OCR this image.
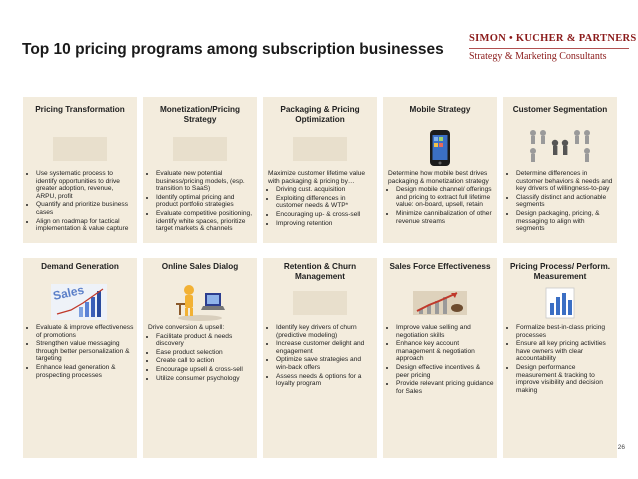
Top 10 pricing programs among subscription businesses
SIMON • KUCHER & PARTNERS
Strategy & Marketing Consultants
Pricing Transformation
• Use systematic process to identify opportunities to drive greater adoption, revenue, ARPU, profit
• Quantify and prioritize business cases
• Align on roadmap for tactical implementation & value capture
Monetization/Pricing Strategy
• Evaluate new potential business/pricing models, (esp. transition to SaaS)
• Identify optimal pricing and product portfolio strategies
• Evaluate competitive positioning, identify white spaces, prioritize target markets & channels
Packaging & Pricing Optimization
Maximize customer lifetime value with packaging & pricing by…
• Driving cust. acquisition
• Exploiting differences in customer needs & WTP*
• Encouraging up- & cross-sell
• Improving retention
Mobile Strategy
Determine how mobile best drives packaging & monetization strategy
• Design mobile channel/ offerings and pricing to extract full lifetime value: on-board, upsell, retain
• Minimize cannibalization of other revenue streams
Customer Segmentation
• Determine differences in customer behaviors & needs and key drivers of willingness-to-pay
• Classify distinct and actionable segments
• Design packaging, pricing, & messaging to align with segments
Demand Generation
Sales
• Evaluate & improve effectiveness of promotions
• Strengthen value messaging through better personalization & targeting
• Enhance lead generation & prospecting processes
Online Sales Dialog
Drive conversion & upsell:
• Facilitate product & needs discovery
• Ease product selection
• Create call to action
• Encourage upsell & cross-sell
• Utilize consumer psychology
Retention & Churn Management
• Identify key drivers of churn (predictive modeling)
• Increase customer delight and engagement
• Optimize save strategies and win-back offers
• Assess needs & options for a loyalty program
Sales Force Effectiveness
• Improve value selling and negotiation skills
• Enhance key account management & negotiation approach
• Design effective incentives & peer pricing
• Provide relevant pricing guidance for Sales
Pricing Process/ Perform. Measurement
• Formalize best-in-class pricing processes
• Ensure all key pricing activities have owners with clear accountability
• Design performance measurement & tracking to improve visibility and decision making
26
